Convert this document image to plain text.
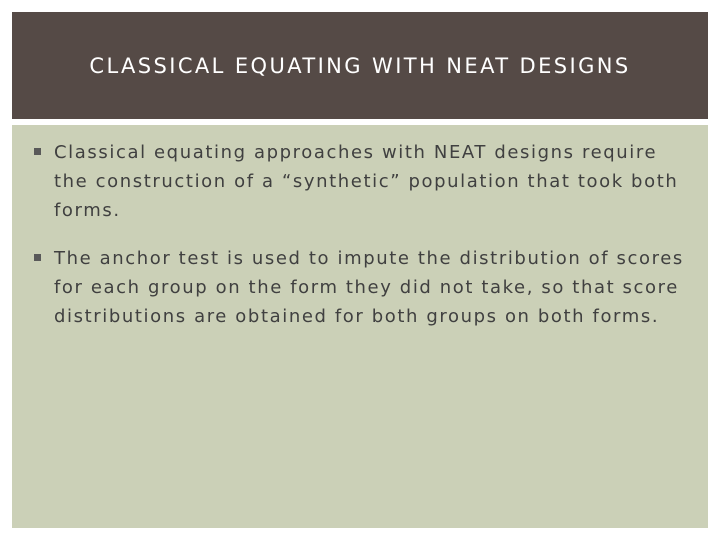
CLASSICAL EQUATING WITH NEAT DESIGNS
Classical equating approaches with NEAT designs require the construction of a “synthetic” population that took both forms.
The anchor test is used to impute the distribution of scores for each group on the form they did not take, so that score distributions are obtained for both groups on both forms.
